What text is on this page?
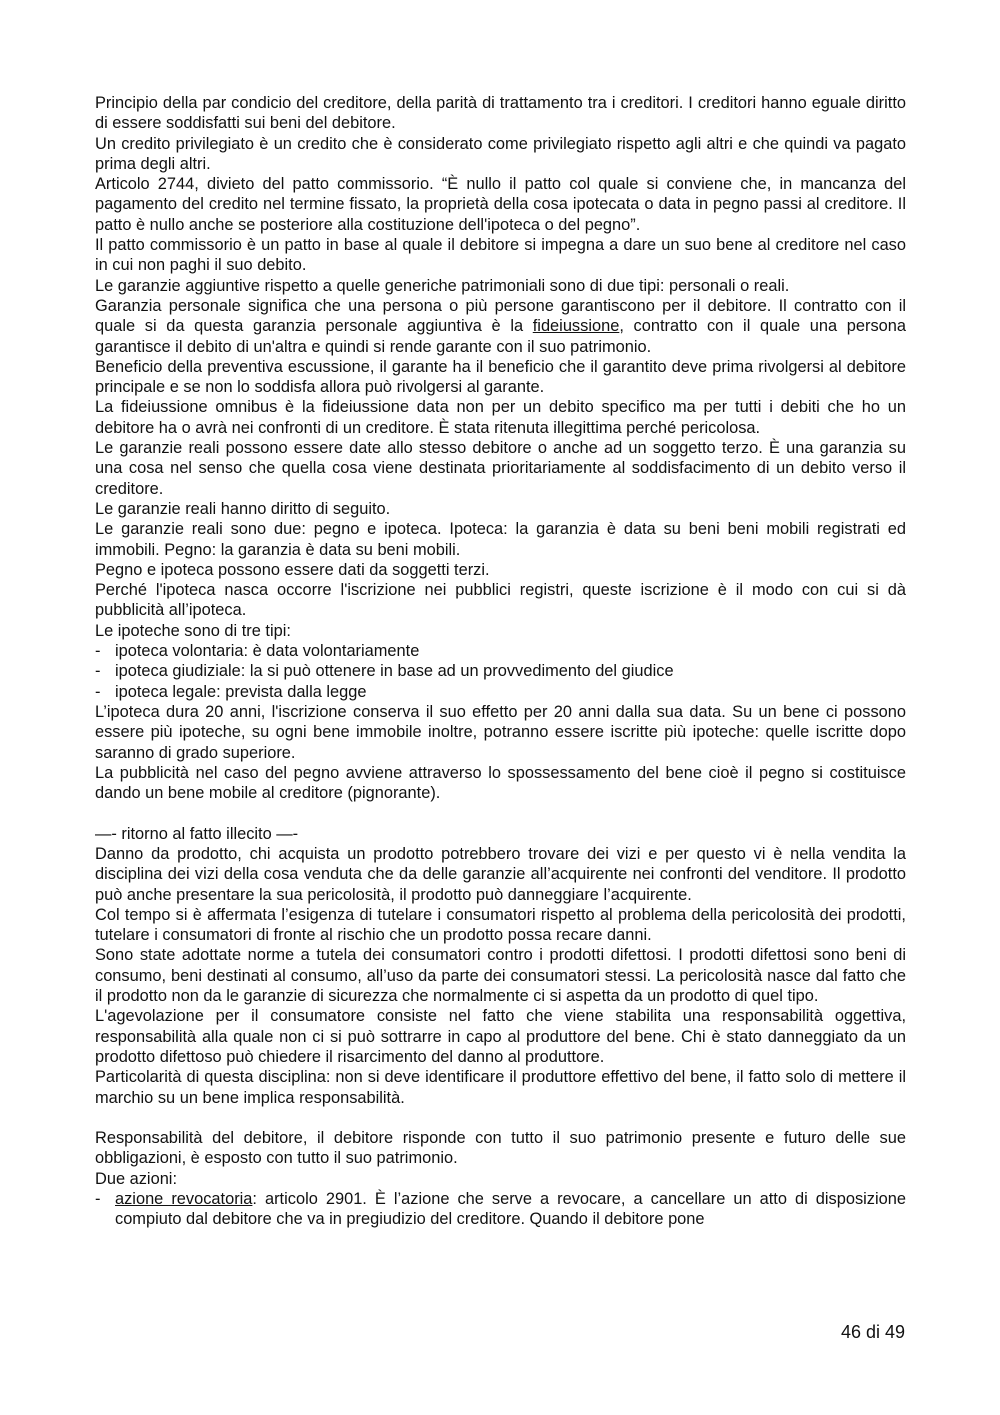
Principio della par condicio del creditore, della parità di trattamento tra i creditori. I creditori hanno eguale diritto di essere soddisfatti sui beni del debitore.

Un credito privilegiato è un credito che è considerato come privilegiato rispetto agli altri e che quindi va pagato prima degli altri.

Articolo 2744, divieto del patto commissorio. “È nullo il patto col quale si conviene che, in mancanza del pagamento del credito nel termine fissato, la proprietà della cosa ipotecata o data in pegno passi al creditore. Il patto è nullo anche se posteriore alla costituzione dell'ipoteca o del pegno”.

Il patto commissorio è un patto in base al quale il debitore si impegna a dare un suo bene al creditore nel caso in cui non paghi il suo debito.

Le garanzie aggiuntive rispetto a quelle generiche patrimoniali sono di due tipi: personali o reali.

Garanzia personale significa che una persona o più persone garantiscono per il debitore. Il contratto con il quale si da questa garanzia personale aggiuntiva è la fideiussione, contratto con il quale una persona garantisce il debito di un'altra e quindi si rende garante con il suo patrimonio.

Beneficio della preventiva escussione, il garante ha il beneficio che il garantito deve prima rivolgersi al debitore principale e se non lo soddisfa allora può rivolgersi al garante.

La fideiussione omnibus è la fideiussione data non per un debito specifico ma per tutti i debiti che ho un debitore ha o avrà nei confronti di un creditore. È stata ritenuta illegittima perché pericolosa.

Le garanzie reali possono essere date allo stesso debitore o anche ad un soggetto terzo. È una garanzia su una cosa nel senso che quella cosa viene destinata prioritariamente al soddisfacimento di un debito verso il creditore.

Le garanzie reali hanno diritto di seguito.

Le garanzie reali sono due: pegno e ipoteca. Ipoteca: la garanzia è data su beni beni mobili registrati ed immobili. Pegno: la garanzia è data su beni mobili.

Pegno e ipoteca possono essere dati da soggetti terzi.

Perché l'ipoteca nasca occorre l'iscrizione nei pubblici registri, queste iscrizione è il modo con cui si dà pubblicità all’ipoteca.

Le ipoteche sono di tre tipi:

- ipoteca volontaria: è data volontariamente
- ipoteca giudiziale: la si può ottenere in base ad un provvedimento del giudice
- ipoteca legale: prevista dalla legge

L’ipoteca dura 20 anni, l'iscrizione conserva il suo effetto per 20 anni dalla sua data. Su un bene ci possono essere più ipoteche, su ogni bene immobile inoltre, potranno essere iscritte più ipoteche: quelle iscritte dopo saranno di grado superiore.

La pubblicità nel caso del pegno avviene attraverso lo spossessamento del bene cioè il pegno si costituisce dando un bene mobile al creditore (pignorante).

—- ritorno al fatto illecito —-

Danno da prodotto, chi acquista un prodotto potrebbero trovare dei vizi e per questo vi è nella vendita la disciplina dei vizi della cosa venduta che da delle garanzie all’acquirente nei confronti del venditore. Il prodotto può anche presentare la sua pericolosità, il prodotto può danneggiare l’acquirente.

Col tempo si è affermata l’esigenza di tutelare i consumatori rispetto al problema della pericolosità dei prodotti, tutelare i consumatori di fronte al rischio che un prodotto possa recare danni.

Sono state adottate norme a tutela dei consumatori contro i prodotti difettosi. I prodotti difettosi sono beni di consumo, beni destinati al consumo, all’uso da parte dei consumatori stessi. La pericolosità nasce dal fatto che il prodotto non da le garanzie di sicurezza che normalmente ci si aspetta da un prodotto di quel tipo.

L'agevolazione per il consumatore consiste nel fatto che viene stabilita una responsabilità oggettiva, responsabilità alla quale non ci si può sottrarre in capo al produttore del bene. Chi è stato danneggiato da un prodotto difettoso può chiedere il risarcimento del danno al produttore.

Particolarità di questa disciplina: non si deve identificare il produttore effettivo del bene, il fatto solo di mettere il marchio su un bene implica responsabilità.

Responsabilità del debitore, il debitore risponde con tutto il suo patrimonio presente e futuro delle sue obbligazioni, è esposto con tutto il suo patrimonio.

Due azioni:

- azione revocatoria: articolo 2901. È l’azione che serve a revocare, a cancellare un atto di disposizione compiuto dal debitore che va in pregiudizio del creditore. Quando il debitore pone
46 di 49
